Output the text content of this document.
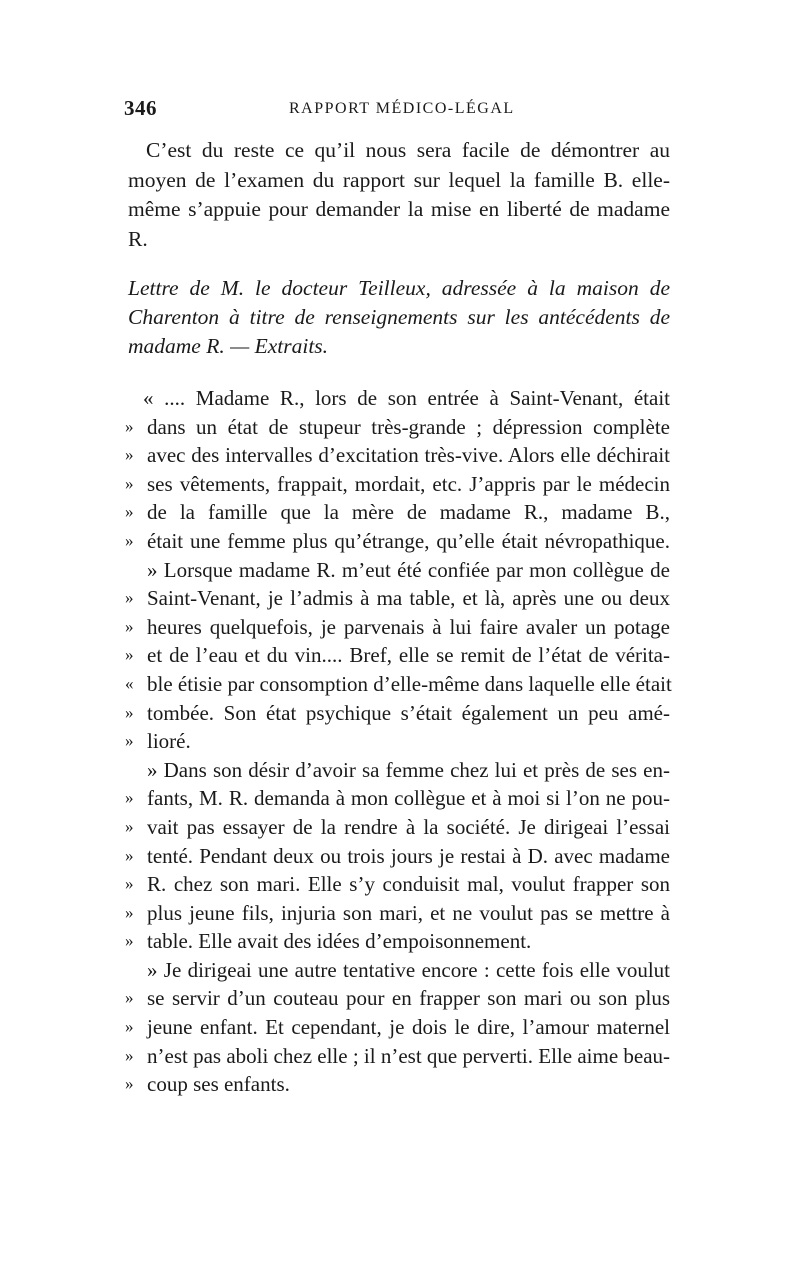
346	RAPPORT MÉDICO-LÉGAL

C’est du reste ce qu’il nous sera facile de démontrer au moyen de l’examen du rapport sur lequel la famille B. elle-même s’appuie pour demander la mise en liberté de madame R.

Lettre de M. le docteur Teilleux, adressée à la maison de Charenton à titre de renseignements sur les antécédents de madame R. — Extraits.
« .... Madame R., lors de son entrée à Saint-Venant, était
» dans un état de stupeur très-grande ; dépression complète
» avec des intervalles d’excitation très-vive. Alors elle déchirait
» ses vêtements, frappait, mordait, etc. J’appris par le médecin
» de la famille que la mère de madame R., madame B.,
» était une femme plus qu’étrange, qu’elle était névropathique.
» Lorsque madame R. m’eut été confiée par mon collègue de
» Saint-Venant, je l’admis à ma table, et là, après une ou deux
» heures quelquefois, je parvenais à lui faire avaler un potage
» et de l’eau et du vin.... Bref, elle se remit de l’état de vérita-
« ble étisie par consomption d’elle-même dans laquelle elle était
» tombée. Son état psychique s’était également un peu amé-
» lioré.
» Dans son désir d’avoir sa femme chez lui et près de ses en-
» fants, M. R. demanda à mon collègue et à moi si l’on ne pou-
» vait pas essayer de la rendre à la société. Je dirigeai l’essai
» tenté. Pendant deux ou trois jours je restai à D. avec madame
» R. chez son mari. Elle s’y conduisit mal, voulut frapper son
» plus jeune fils, injuria son mari, et ne voulut pas se mettre à
» table. Elle avait des idées d’empoisonnement.
» Je dirigeai une autre tentative encore : cette fois elle voulut
» se servir d’un couteau pour en frapper son mari ou son plus
» jeune enfant. Et cependant, je dois le dire, l’amour maternel
» n’est pas aboli chez elle ; il n’est que perverti. Elle aime beau-
» coup ses enfants.
